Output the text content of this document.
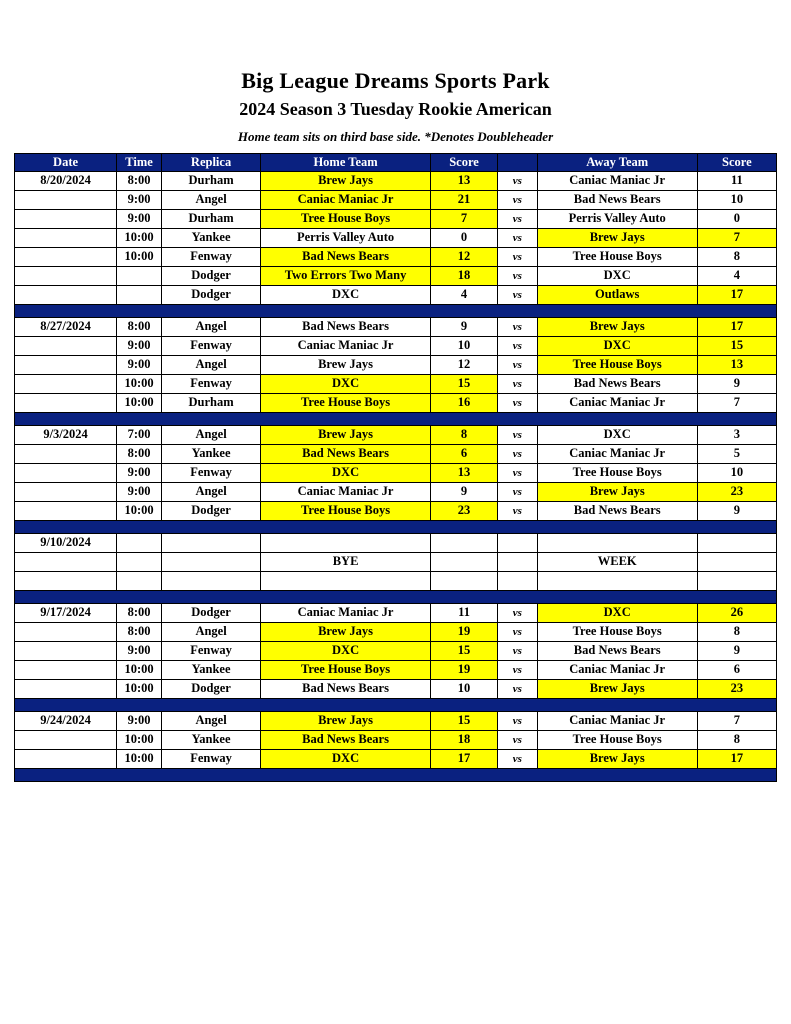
Big League Dreams Sports Park
2024 Season 3 Tuesday Rookie American
Home team sits on third base side. *Denotes Doubleheader
Date	Time	Replica	Home Team	Score		Away Team	Score
8/20/2024	8:00	Durham	Brew Jays	13	vs	Caniac Maniac Jr	11
	9:00	Angel	Caniac Maniac Jr	21	vs	Bad News Bears	10
	9:00	Durham	Tree House Boys	7	vs	Perris Valley Auto	0
	10:00	Yankee	Perris Valley Auto	0	vs	Brew Jays	7
	10:00	Fenway	Bad News Bears	12	vs	Tree House Boys	8
		Dodger	Two Errors Two Many	18	vs	DXC	4
		Dodger	DXC	4	vs	Outlaws	17

8/27/2024	8:00	Angel	Bad News Bears	9	vs	Brew Jays	17
	9:00	Fenway	Caniac Maniac Jr	10	vs	DXC	15
	9:00	Angel	Brew Jays	12	vs	Tree House Boys	13
	10:00	Fenway	DXC	15	vs	Bad News Bears	9
	10:00	Durham	Tree House Boys	16	vs	Caniac Maniac Jr	7

9/3/2024	7:00	Angel	Brew Jays	8	vs	DXC	3
	8:00	Yankee	Bad News Bears	6	vs	Caniac Maniac Jr	5
	9:00	Fenway	DXC	13	vs	Tree House Boys	10
	9:00	Angel	Caniac Maniac Jr	9	vs	Brew Jays	23
	10:00	Dodger	Tree House Boys	23	vs	Bad News Bears	9

9/10/2024							
			BYE			WEEK	

9/17/2024	8:00	Dodger	Caniac Maniac Jr	11	vs	DXC	26
	8:00	Angel	Brew Jays	19	vs	Tree House Boys	8
	9:00	Fenway	DXC	15	vs	Bad News Bears	9
	10:00	Yankee	Tree House Boys	19	vs	Caniac Maniac Jr	6
	10:00	Dodger	Bad News Bears	10	vs	Brew Jays	23

9/24/2024	9:00	Angel	Brew Jays	15	vs	Caniac Maniac Jr	7
	10:00	Yankee	Bad News Bears	18	vs	Tree House Boys	8
	10:00	Fenway	DXC	17	vs	Brew Jays	17
